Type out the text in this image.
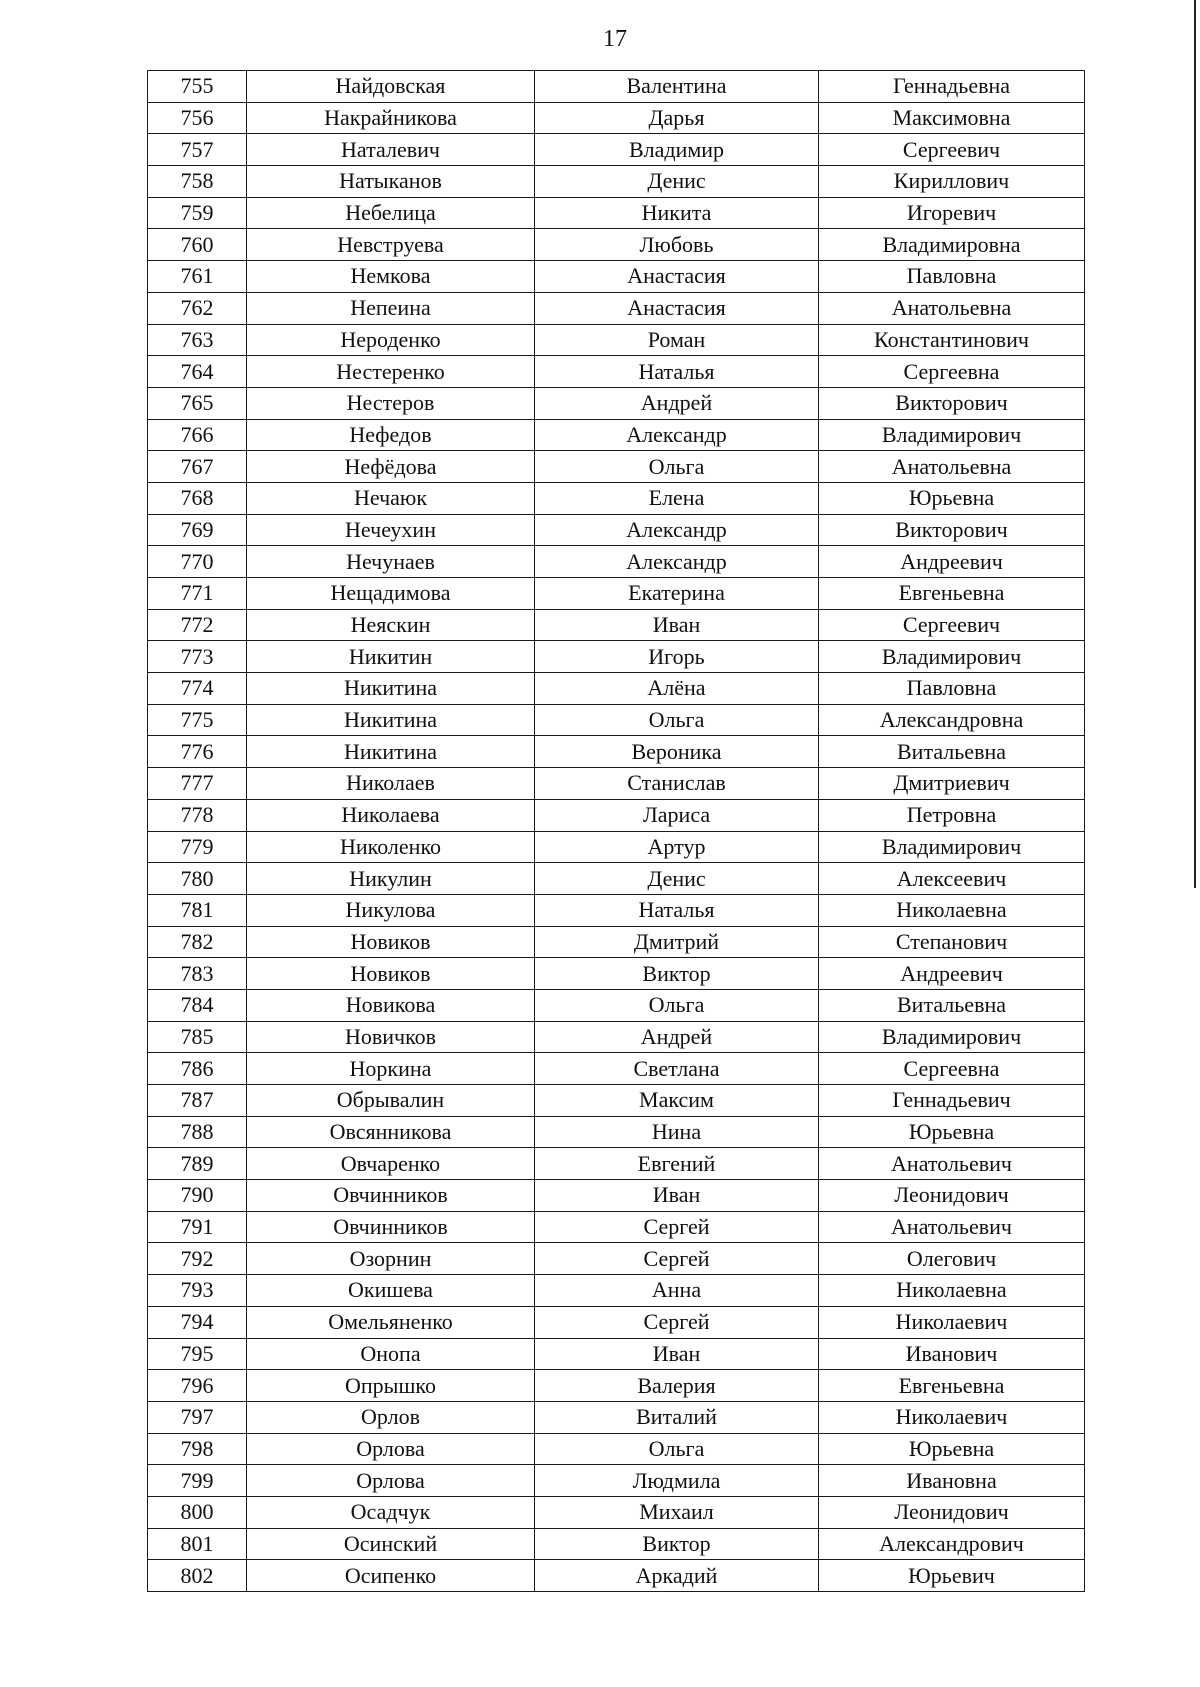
17
755	Найдовская	Валентина	Геннадьевна
756	Накрайникова	Дарья	Максимовна
757	Наталевич	Владимир	Сергеевич
758	Натыканов	Денис	Кириллович
759	Небелица	Никита	Игоревич
760	Невструева	Любовь	Владимировна
761	Немкова	Анастасия	Павловна
762	Непеина	Анастасия	Анатольевна
763	Нероденко	Роман	Константинович
764	Нестеренко	Наталья	Сергеевна
765	Нестеров	Андрей	Викторович
766	Нефедов	Александр	Владимирович
767	Нефёдова	Ольга	Анатольевна
768	Нечаюк	Елена	Юрьевна
769	Нечеухин	Александр	Викторович
770	Нечунаев	Александр	Андреевич
771	Нещадимова	Екатерина	Евгеньевна
772	Неяскин	Иван	Сергеевич
773	Никитин	Игорь	Владимирович
774	Никитина	Алёна	Павловна
775	Никитина	Ольга	Александровна
776	Никитина	Вероника	Витальевна
777	Николаев	Станислав	Дмитриевич
778	Николаева	Лариса	Петровна
779	Николенко	Артур	Владимирович
780	Никулин	Денис	Алексеевич
781	Никулова	Наталья	Николаевна
782	Новиков	Дмитрий	Степанович
783	Новиков	Виктор	Андреевич
784	Новикова	Ольга	Витальевна
785	Новичков	Андрей	Владимирович
786	Норкина	Светлана	Сергеевна
787	Обрывалин	Максим	Геннадьевич
788	Овсянникова	Нина	Юрьевна
789	Овчаренко	Евгений	Анатольевич
790	Овчинников	Иван	Леонидович
791	Овчинников	Сергей	Анатольевич
792	Озорнин	Сергей	Олегович
793	Окишева	Анна	Николаевна
794	Омельяненко	Сергей	Николаевич
795	Онопа	Иван	Иванович
796	Опрышко	Валерия	Евгеньевна
797	Орлов	Виталий	Николаевич
798	Орлова	Ольга	Юрьевна
799	Орлова	Людмила	Ивановна
800	Осадчук	Михаил	Леонидович
801	Осинский	Виктор	Александрович
802	Осипенко	Аркадий	Юрьевич
